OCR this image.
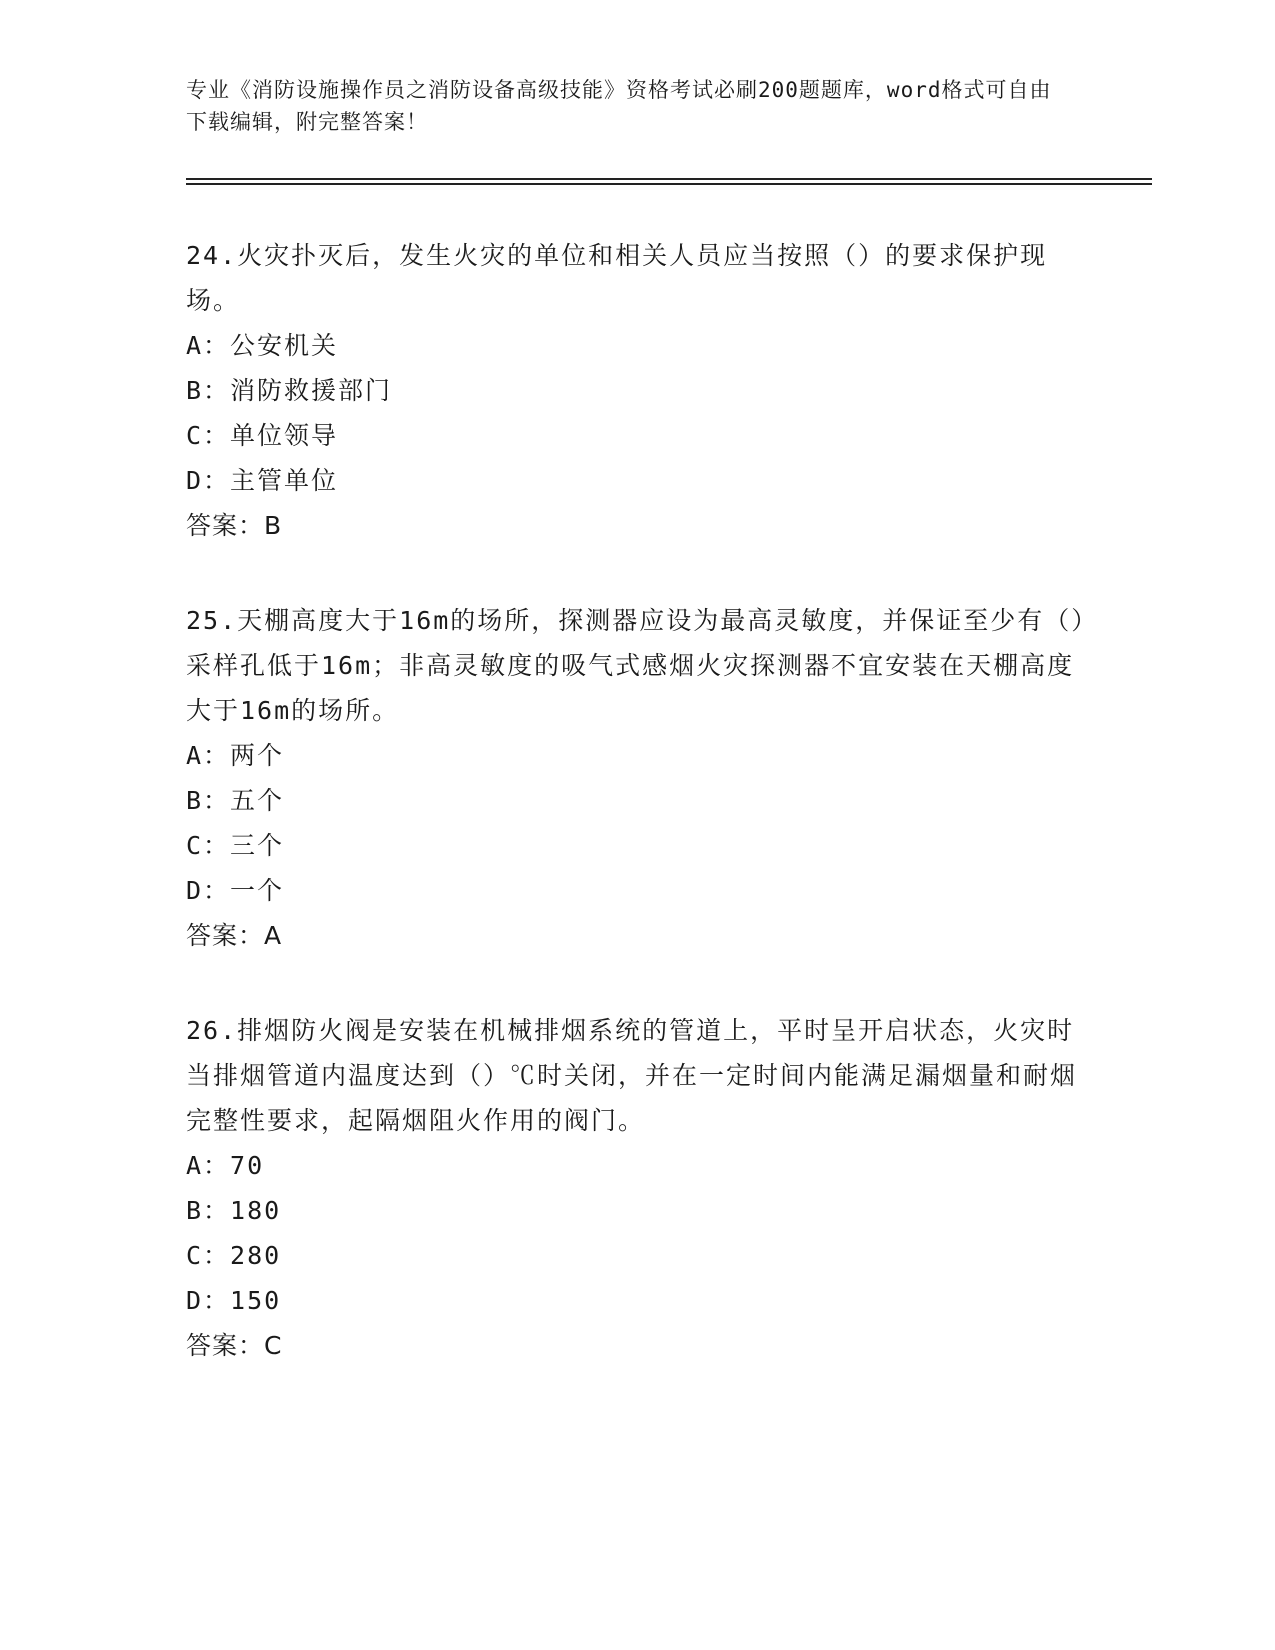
专业《消防设施操作员之消防设备高级技能》资格考试必刷200题题库，word格式可自由下载编辑，附完整答案！

24.火灾扑灭后，发生火灾的单位和相关人员应当按照（）的要求保护现场。

A：公安机关

B：消防救援部门

C：单位领导

D：主管单位

答案：B

25.天棚高度大于16m的场所，探测器应设为最高灵敏度，并保证至少有（）采样孔低于16m；非高灵敏度的吸气式感烟火灾探测器不宜安装在天棚高度大于16m的场所。

A：两个

B：五个

C：三个

D：一个

答案：A

26.排烟防火阀是安装在机械排烟系统的管道上，平时呈开启状态，火灾时当排烟管道内温度达到（）℃时关闭，并在一定时间内能满足漏烟量和耐烟完整性要求，起隔烟阻火作用的阀门。

A：70

B：180

C：280

D：150

答案：C
